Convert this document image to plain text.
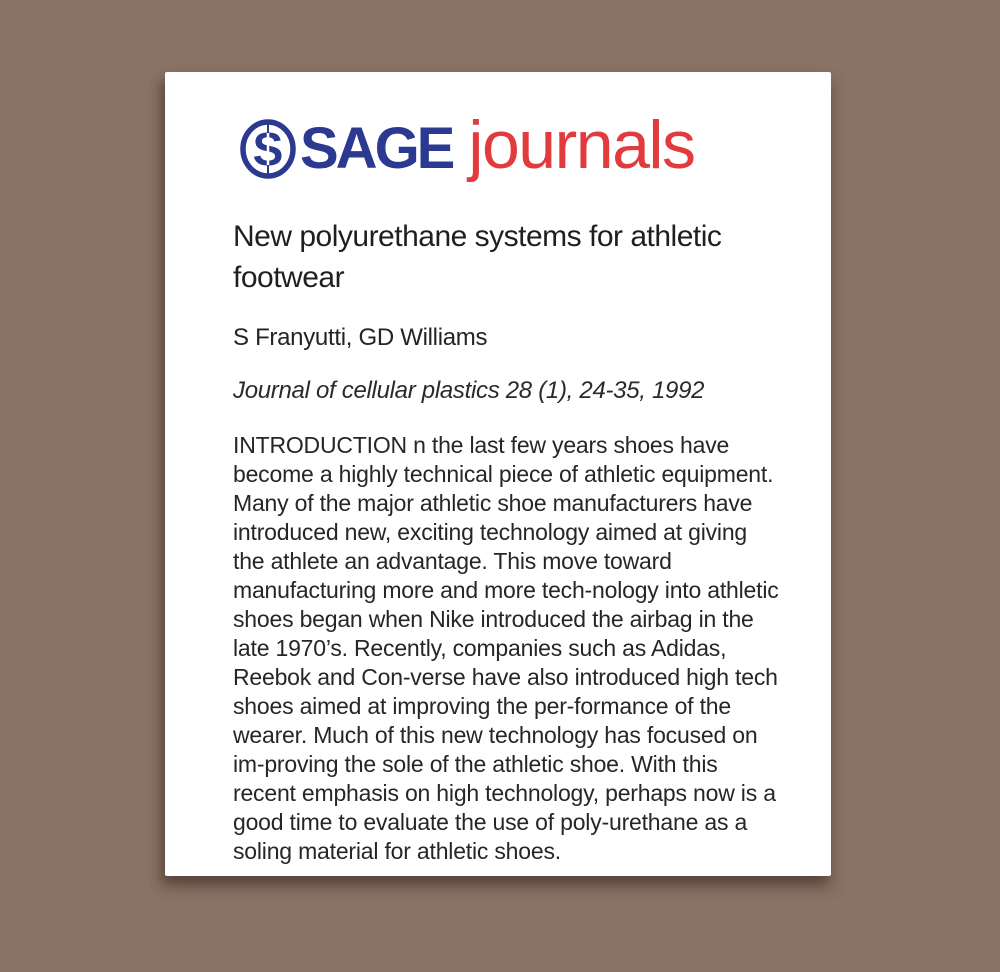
S SAGE journals
New polyurethane systems for athletic footwear
S Franyutti, GD Williams
Journal of cellular plastics 28 (1), 24-35, 1992
INTRODUCTION n the last few years shoes have become a highly technical piece of athletic equipment. Many of the major athletic shoe manufacturers have introduced new, exciting technology aimed at giving the athlete an advantage. This move toward manufacturing more and more tech-nology into athletic shoes began when Nike introduced the airbag in the late 1970’s. Recently, companies such as Adidas, Reebok and Con-verse have also introduced high tech shoes aimed at improving the per-formance of the wearer. Much of this new technology has focused on im-proving the sole of the athletic shoe. With this recent emphasis on high technology, perhaps now is a good time to evaluate the use of poly-urethane as a soling material for athletic shoes.
